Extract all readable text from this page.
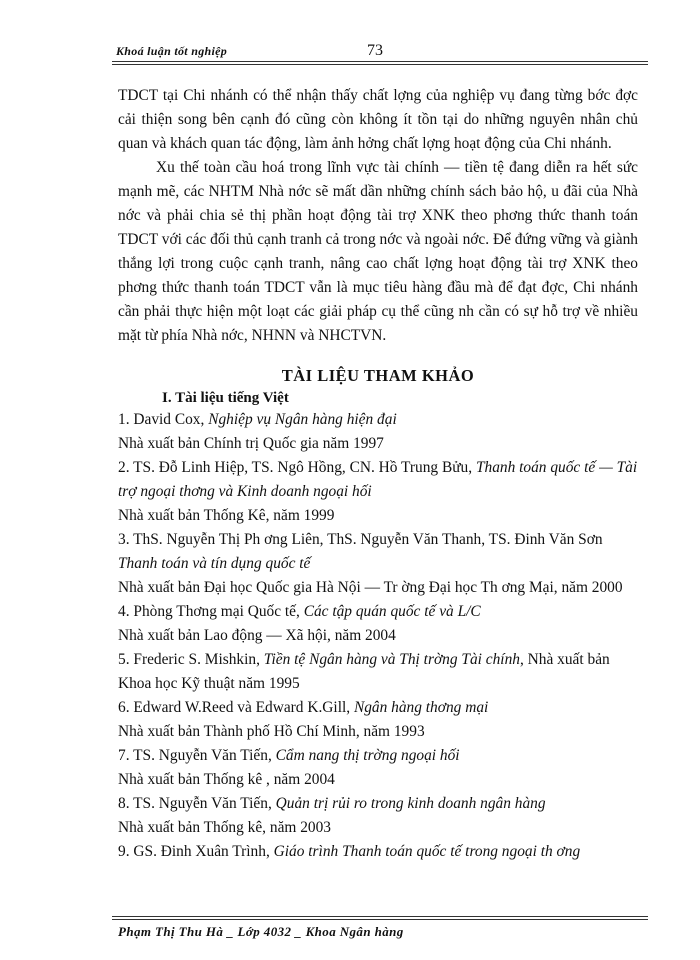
Khoá luận tốt nghiệp	73

TDCT tại Chi nhánh có thể nhận thấy chất lợng của nghiệp vụ đang từng bớc đợc cải thiện song bên cạnh đó cũng còn không ít tồn tại do những nguyên nhân chủ quan và khách quan tác động, làm ảnh hởng chất lợng hoạt động của Chi nhánh.

Xu thế toàn cầu hoá trong lĩnh vực tài chính — tiền tệ đang diễn ra hết sức mạnh mẽ, các NHTM Nhà nớc sẽ mất dần những chính sách bảo hộ, u đãi của Nhà nớc và phải chia sẻ thị phần hoạt động tài trợ XNK theo phơng thức thanh toán TDCT với các đối thủ cạnh tranh cả trong nớc và ngoài nớc. Để đứng vững và giành thắng lợi trong cuộc cạnh tranh, nâng cao chất lợng hoạt động tài trợ XNK theo phơng thức thanh toán TDCT vẫn là mục tiêu hàng đầu mà để đạt đợc, Chi nhánh cần phải thực hiện một loạt các giải pháp cụ thể cũng nh cần có sự hỗ trợ về nhiều mặt từ phía Nhà nớc, NHNN và NHCTVN.

TÀI LIỆU THAM KHẢO
I. Tài liệu tiếng Việt

1. David Cox, Nghiệp vụ Ngân hàng hiện đại

Nhà xuất bản Chính trị Quốc gia năm 1997

2. TS. Đỗ Linh Hiệp, TS. Ngô Hồng, CN. Hồ Trung Bửu, Thanh toán quốc tế — Tài trợ ngoại thơng và Kinh doanh ngoại hối

Nhà xuất bản Thống Kê, năm 1999

3. ThS. Nguyễn Thị Ph ơng Liên, ThS. Nguyễn Văn Thanh, TS. Đinh Văn Sơn Thanh toán và tín dụng quốc tế

Nhà xuất bản Đại học Quốc gia Hà Nội — Tr ờng Đại học Th ơng Mại, năm 2000

4. Phòng Thơng mại Quốc tế, Các tập quán quốc tế và L/C

Nhà xuất bản Lao động — Xã hội, năm 2004

5. Frederic S. Mishkin, Tiền tệ Ngân hàng và Thị trờng Tài chính, Nhà xuất bản Khoa học Kỹ thuật năm 1995

6. Edward W.Reed và Edward K.Gill, Ngân hàng thơng mại

Nhà xuất bản Thành phố Hồ Chí Minh, năm 1993

7. TS. Nguyễn Văn Tiến, Cẩm nang thị trờng ngoại hối

Nhà xuất bản Thống kê , năm 2004

8. TS. Nguyễn Văn Tiến, Quản trị rủi ro trong kinh doanh ngân hàng

Nhà xuất bản Thống kê, năm 2003

9. GS. Đinh Xuân Trình, Giáo trình Thanh toán quốc tế trong ngoại th ơng

Phạm Thị Thu Hà _ Lớp 4032 _ Khoa Ngân hàng
